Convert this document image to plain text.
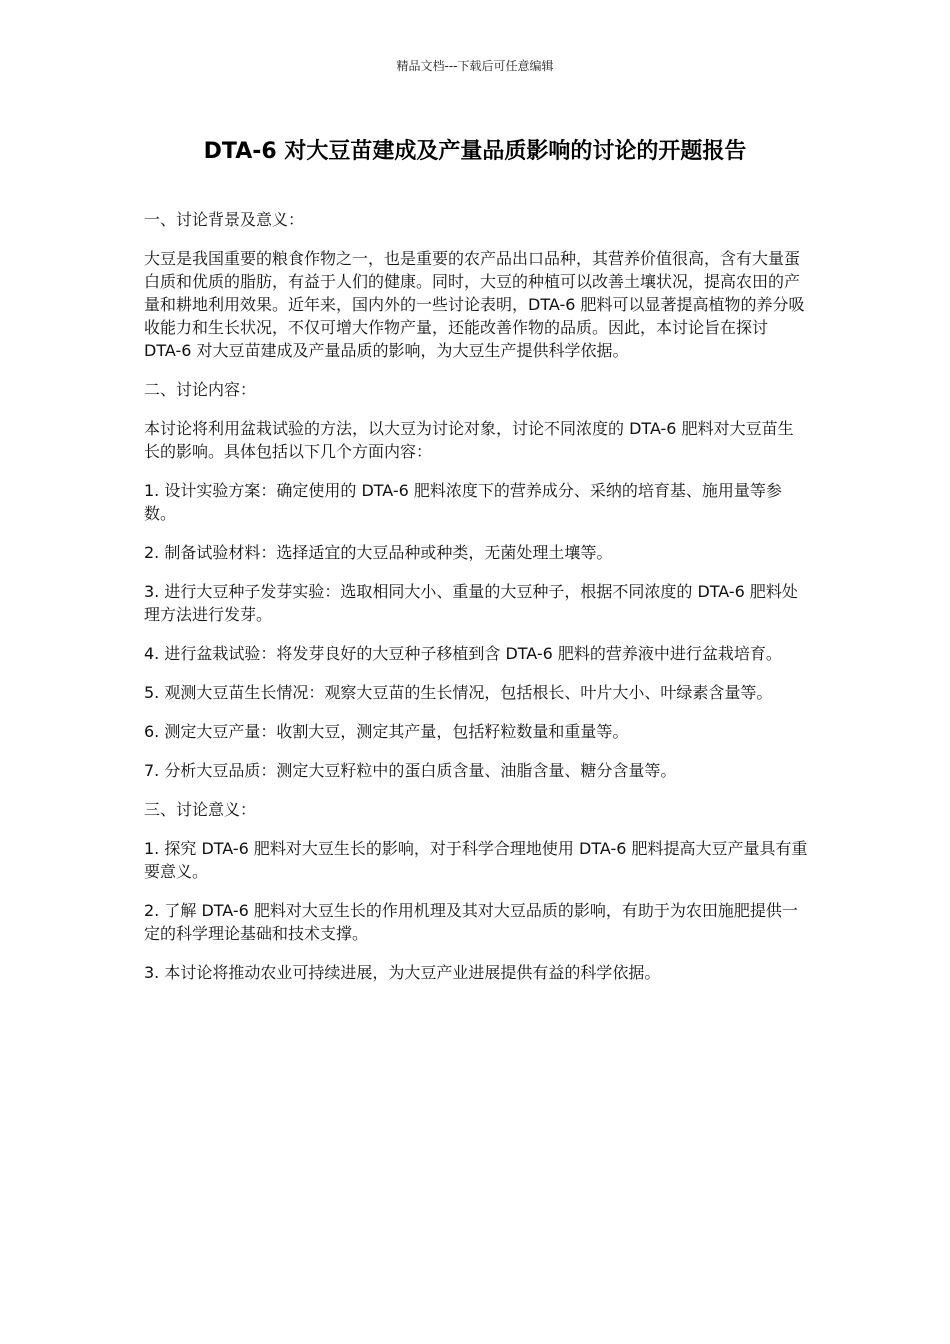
精品文档---下载后可任意编辑
DTA-6 对大豆苗建成及产量品质影响的讨论的开题报告

一、讨论背景及意义：

大豆是我国重要的粮食作物之一，也是重要的农产品出口品种，其营养价值很高，含有大量蛋白质和优质的脂肪，有益于人们的健康。同时，大豆的种植可以改善土壤状况，提高农田的产量和耕地利用效果。近年来，国内外的一些讨论表明，DTA-6 肥料可以显著提高植物的养分吸收能力和生长状况，不仅可增大作物产量，还能改善作物的品质。因此，本讨论旨在探讨 DTA-6 对大豆苗建成及产量品质的影响，为大豆生产提供科学依据。

二、讨论内容：

本讨论将利用盆栽试验的方法，以大豆为讨论对象，讨论不同浓度的 DTA-6 肥料对大豆苗生长的影响。具体包括以下几个方面内容：

1. 设计实验方案：确定使用的 DTA-6 肥料浓度下的营养成分、采纳的培育基、施用量等参数。

2. 制备试验材料：选择适宜的大豆品种或种类，无菌处理土壤等。

3. 进行大豆种子发芽实验：选取相同大小、重量的大豆种子，根据不同浓度的 DTA-6 肥料处理方法进行发芽。

4. 进行盆栽试验：将发芽良好的大豆种子移植到含 DTA-6 肥料的营养液中进行盆栽培育。

5. 观测大豆苗生长情况：观察大豆苗的生长情况，包括根长、叶片大小、叶绿素含量等。

6. 测定大豆产量：收割大豆，测定其产量，包括籽粒数量和重量等。

7. 分析大豆品质：测定大豆籽粒中的蛋白质含量、油脂含量、糖分含量等。

三、讨论意义：

1. 探究 DTA-6 肥料对大豆生长的影响，对于科学合理地使用 DTA-6 肥料提高大豆产量具有重要意义。

2. 了解 DTA-6 肥料对大豆生长的作用机理及其对大豆品质的影响，有助于为农田施肥提供一定的科学理论基础和技术支撑。

3. 本讨论将推动农业可持续进展，为大豆产业进展提供有益的科学依据。
